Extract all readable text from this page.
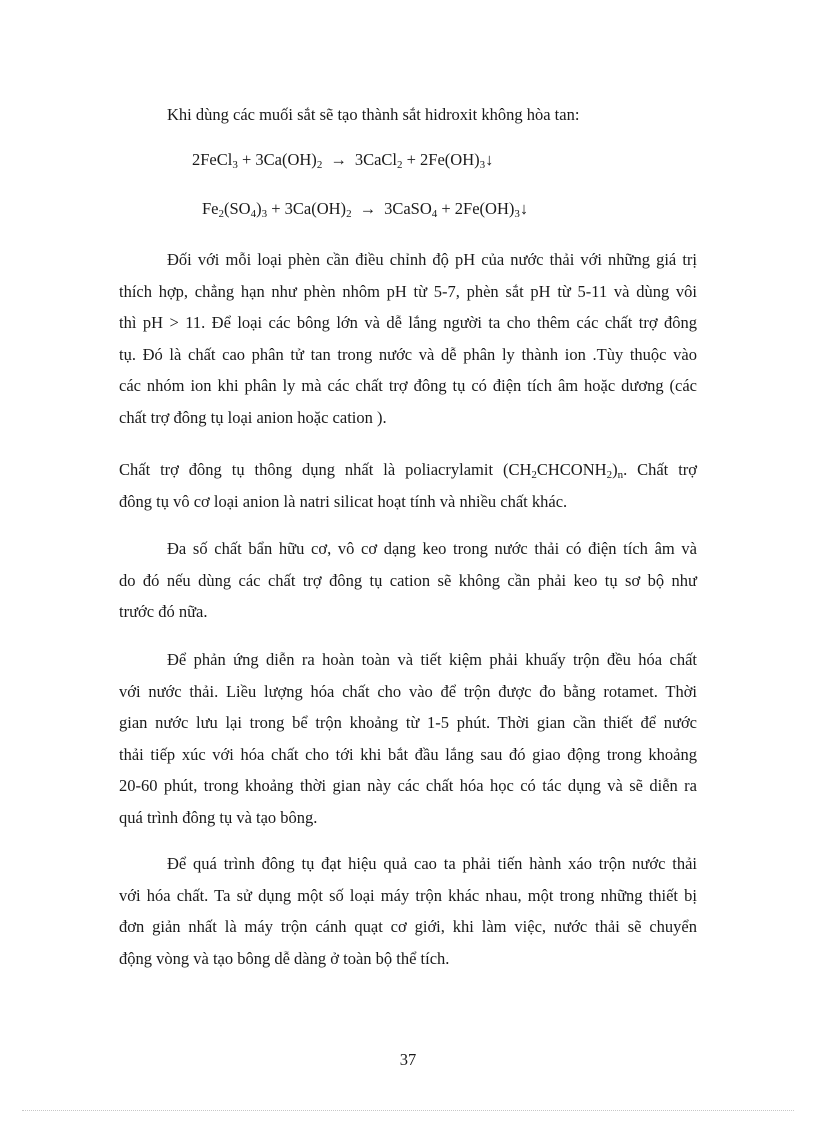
Khi dùng các muối sắt sẽ tạo thành sắt hidroxit không hòa tan:

2FeCl$_3$ + $3Ca(OH)_2$ → 3CaCl$_2$ + $2Fe(OH)_3↓$
$Fe_2(SO_4)_3 + 3Ca(OH)_2$ → 3CaSO$_4$ + $2Fe(OH)_3↓$

Đối với mỗi loại phèn cần điều chỉnh độ pH của nước thải với những giá trị
thích hợp, chẳng hạn như phèn nhôm pH từ 5-7, phèn sắt pH từ 5-11 và dùng vôi
thì pH > 11. Để loại các bông lớn và dễ lắng người ta cho thêm các chất trợ đông
tụ. Đó là chất cao phân tử tan trong nước và dễ phân ly thành ion .Tùy thuộc vào
các nhóm ion khi phân ly mà các chất trợ đông tụ có điện tích âm hoặc dương (các
chất trợ đông tụ loại anion hoặc cation ).

Chất trợ đông tụ thông dụng nhất là poliacrylamit $(CH_2CHCONH_2)_n$. Chất trợ
đông tụ vô cơ loại anion là natri silicat hoạt tính và nhiều chất khác.

Đa số chất bẩn hữu cơ, vô cơ dạng keo trong nước thải có điện tích âm và
do đó nếu dùng các chất trợ đông tụ cation sẽ không cần phải keo tụ sơ bộ như
trước đó nữa.

Để phản ứng diễn ra hoàn toàn và tiết kiệm phải khuấy trộn đều hóa chất
với nước thải. Liều lượng hóa chất cho vào để trộn được đo bằng rotamet. Thời
gian nước lưu lại trong bể trộn khoảng từ 1-5 phút. Thời gian cần thiết để nước
thải tiếp xúc với hóa chất cho tới khi bắt đầu lắng sau đó giao động trong khoảng
20-60 phút, trong khoảng thời gian này các chất hóa học có tác dụng và sẽ diễn ra
quá trình đông tụ và tạo bông.

Để quá trình đông tụ đạt hiệu quả cao ta phải tiến hành xáo trộn nước thải
với hóa chất. Ta sử dụng một số loại máy trộn khác nhau, một trong những thiết bị
đơn giản nhất là máy trộn cánh quạt cơ giới, khi làm việc, nước thải sẽ chuyển
động vòng và tạo bông dễ dàng ở toàn bộ thể tích.

37
